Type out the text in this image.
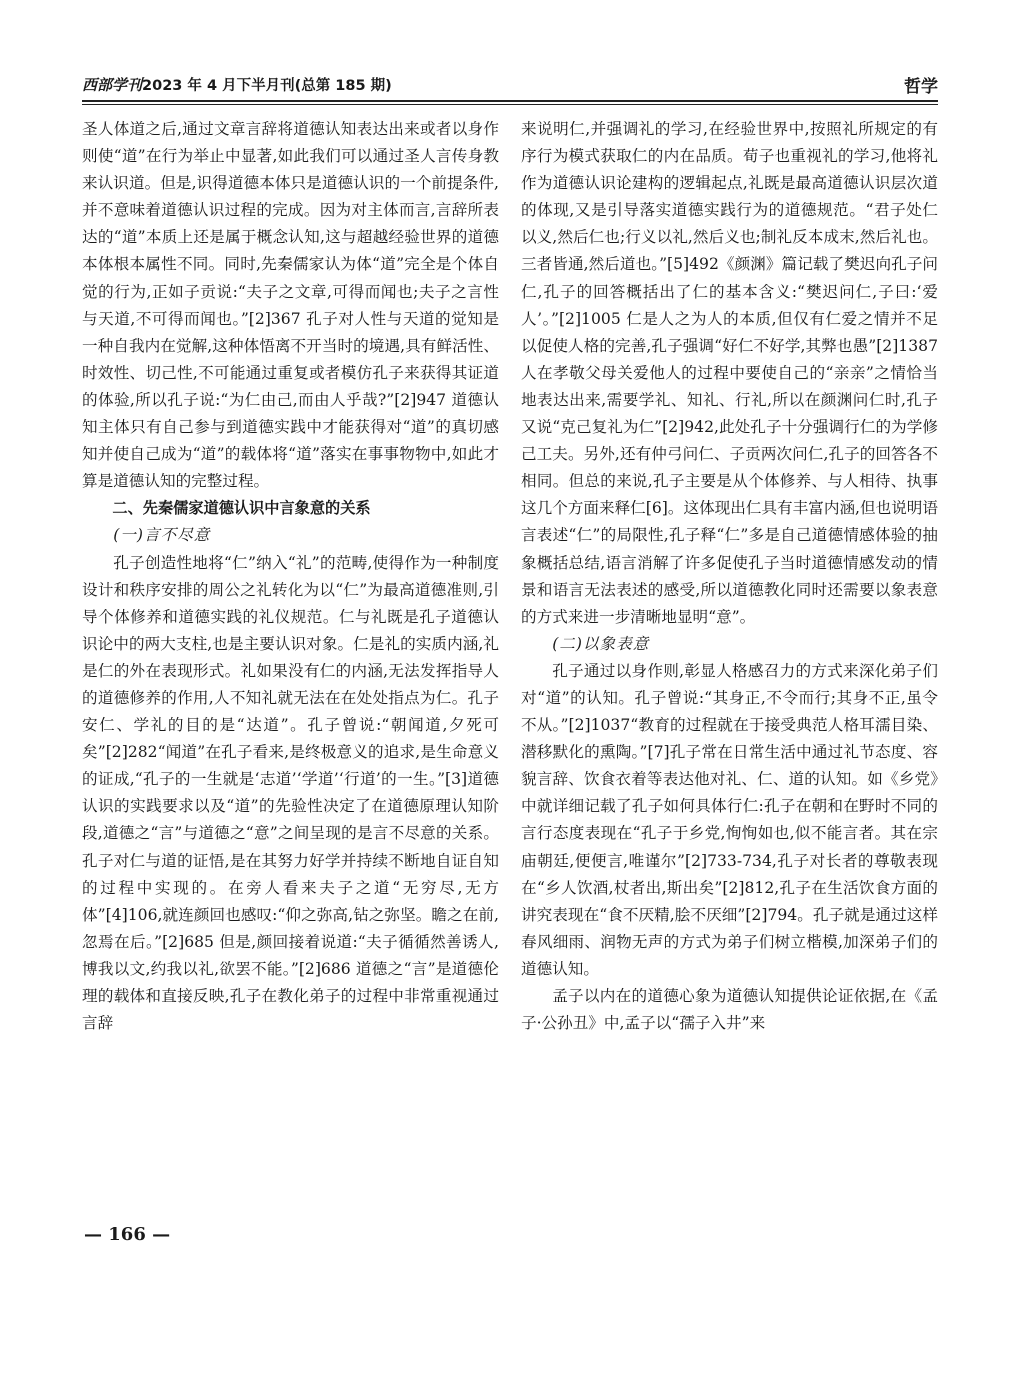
西部学刊2023 年 4 月下半月刊(总第 185 期)	哲学

圣人体道之后,通过文章言辞将道德认知表达出来或者以身作则使“道”在行为举止中显著,如此我们可以通过圣人言传身教来认识道。但是,识得道德本体只是道德认识的一个前提条件,并不意味着道德认识过程的完成。因为对主体而言,言辞所表达的“道”本质上还是属于概念认知,这与超越经验世界的道德本体根本属性不同。同时,先秦儒家认为体“道”完全是个体自觉的行为,正如子贡说:“夫子之文章,可得而闻也;夫子之言性与天道,不可得而闻也。”[2]367 孔子对人性与天道的觉知是一种自我内在觉解,这种体悟离不开当时的境遇,具有鲜活性、时效性、切己性,不可能通过重复或者模仿孔子来获得其证道的体验,所以孔子说:“为仁由己,而由人乎哉?”[2]947 道德认知主体只有自己参与到道德实践中才能获得对“道”的真切感知并使自己成为“道”的载体将“道”落实在事事物物中,如此才算是道德认知的完整过程。

二、先秦儒家道德认识中言象意的关系

(一)言不尽意

孔子创造性地将“仁”纳入“礼”的范畴,使得作为一种制度设计和秩序安排的周公之礼转化为以“仁”为最高道德准则,引导个体修养和道德实践的礼仪规范。仁与礼既是孔子道德认识论中的两大支柱,也是主要认识对象。仁是礼的实质内涵,礼是仁的外在表现形式。礼如果没有仁的内涵,无法发挥指导人的道德修养的作用,人不知礼就无法在在处处指点为仁。孔子安仁、学礼的目的是“达道”。孔子曾说:“朝闻道,夕死可矣”[2]282“闻道”在孔子看来,是终极意义的追求,是生命意义的证成,“孔子的一生就是‘志道’‘学道’‘行道’的一生。”[3]道德认识的实践要求以及“道”的先验性决定了在道德原理认知阶段,道德之“言”与道德之“意”之间呈现的是言不尽意的关系。孔子对仁与道的证悟,是在其努力好学并持续不断地自证自知的过程中实现的。在旁人看来夫子之道“无穷尽,无方体”[4]106,就连颜回也感叹:“仰之弥高,钻之弥坚。瞻之在前,忽焉在后。”[2]685 但是,颜回接着说道:“夫子循循然善诱人,博我以文,约我以礼,欲罢不能。”[2]686 道德之“言”是道德伦理的载体和直接反映,孔子在教化弟子的过程中非常重视通过言辞

来说明仁,并强调礼的学习,在经验世界中,按照礼所规定的有序行为模式获取仁的内在品质。荀子也重视礼的学习,他将礼作为道德认识论建构的逻辑起点,礼既是最高道德认识层次道的体现,又是引导落实道德实践行为的道德规范。“君子处仁以义,然后仁也;行义以礼,然后义也;制礼反本成末,然后礼也。三者皆通,然后道也。”[5]492《颜渊》篇记载了樊迟向孔子问仁,孔子的回答概括出了仁的基本含义:“樊迟问仁,子曰:‘爱人’。”[2]1005 仁是人之为人的本质,但仅有仁爱之情并不足以促使人格的完善,孔子强调“好仁不好学,其弊也愚”[2]1387 人在孝敬父母关爱他人的过程中要使自己的“亲亲”之情恰当地表达出来,需要学礼、知礼、行礼,所以在颜渊问仁时,孔子又说“克己复礼为仁”[2]942,此处孔子十分强调行仁的为学修己工夫。另外,还有仲弓问仁、子贡两次问仁,孔子的回答各不相同。但总的来说,孔子主要是从个体修养、与人相待、执事这几个方面来释仁[6]。这体现出仁具有丰富内涵,但也说明语言表述“仁”的局限性,孔子释“仁”多是自己道德情感体验的抽象概括总结,语言消解了许多促使孔子当时道德情感发动的情景和语言无法表述的感受,所以道德教化同时还需要以象表意的方式来进一步清晰地显明“意”。

(二)以象表意

孔子通过以身作则,彰显人格感召力的方式来深化弟子们对“道”的认知。孔子曾说:“其身正,不令而行;其身不正,虽令不从。”[2]1037“教育的过程就在于接受典范人格耳濡目染、潜移默化的熏陶。”[7]孔子常在日常生活中通过礼节态度、容貌言辞、饮食衣着等表达他对礼、仁、道的认知。如《乡党》中就详细记载了孔子如何具体行仁:孔子在朝和在野时不同的言行态度表现在“孔子于乡党,恂恂如也,似不能言者。其在宗庙朝廷,便便言,唯谨尔”[2]733-734,孔子对长者的尊敬表现在“乡人饮酒,杖者出,斯出矣”[2]812,孔子在生活饮食方面的讲究表现在“食不厌精,脍不厌细”[2]794。孔子就是通过这样春风细雨、润物无声的方式为弟子们树立楷模,加深弟子们的道德认知。

孟子以内在的道德心象为道德认知提供论证依据,在《孟子·公孙丑》中,孟子以“孺子入井”来

— 166 —
